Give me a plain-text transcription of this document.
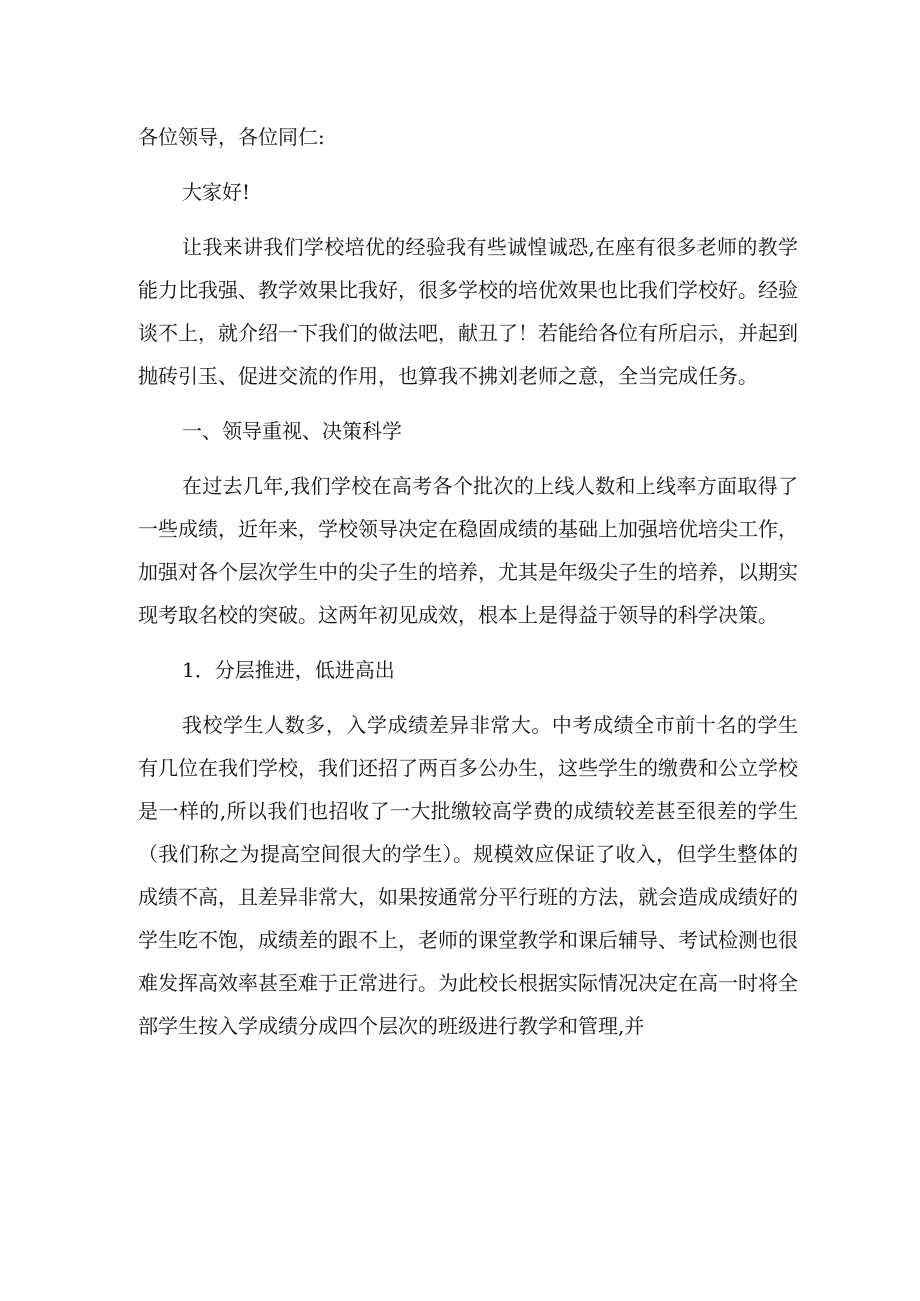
各位领导，各位同仁:

大家好!

让我来讲我们学校培优的经验我有些诚惶诚恐,在座有很多老师的教学能力比我强、教学效果比我好，很多学校的培优效果也比我们学校好。经验谈不上，就介绍一下我们的做法吧，献丑了！若能给各位有所启示，并起到抛砖引玉、促进交流的作用，也算我不拂刘老师之意，全当完成任务。

一、领导重视、决策科学

在过去几年,我们学校在高考各个批次的上线人数和上线率方面取得了一些成绩，近年来，学校领导决定在稳固成绩的基础上加强培优培尖工作，加强对各个层次学生中的尖子生的培养，尤其是年级尖子生的培养，以期实现考取名校的突破。这两年初见成效，根本上是得益于领导的科学决策。

1．分层推进，低进高出

我校学生人数多，入学成绩差异非常大。中考成绩全市前十名的学生有几位在我们学校，我们还招了两百多公办生，这些学生的缴费和公立学校是一样的,所以我们也招收了一大批缴较高学费的成绩较差甚至很差的学生（我们称之为提高空间很大的学生）。规模效应保证了收入，但学生整体的成绩不高，且差异非常大，如果按通常分平行班的方法，就会造成成绩好的学生吃不饱，成绩差的跟不上，老师的课堂教学和课后辅导、考试检测也很难发挥高效率甚至难于正常进行。为此校长根据实际情况决定在高一时将全部学生按入学成绩分成四个层次的班级进行教学和管理,并
